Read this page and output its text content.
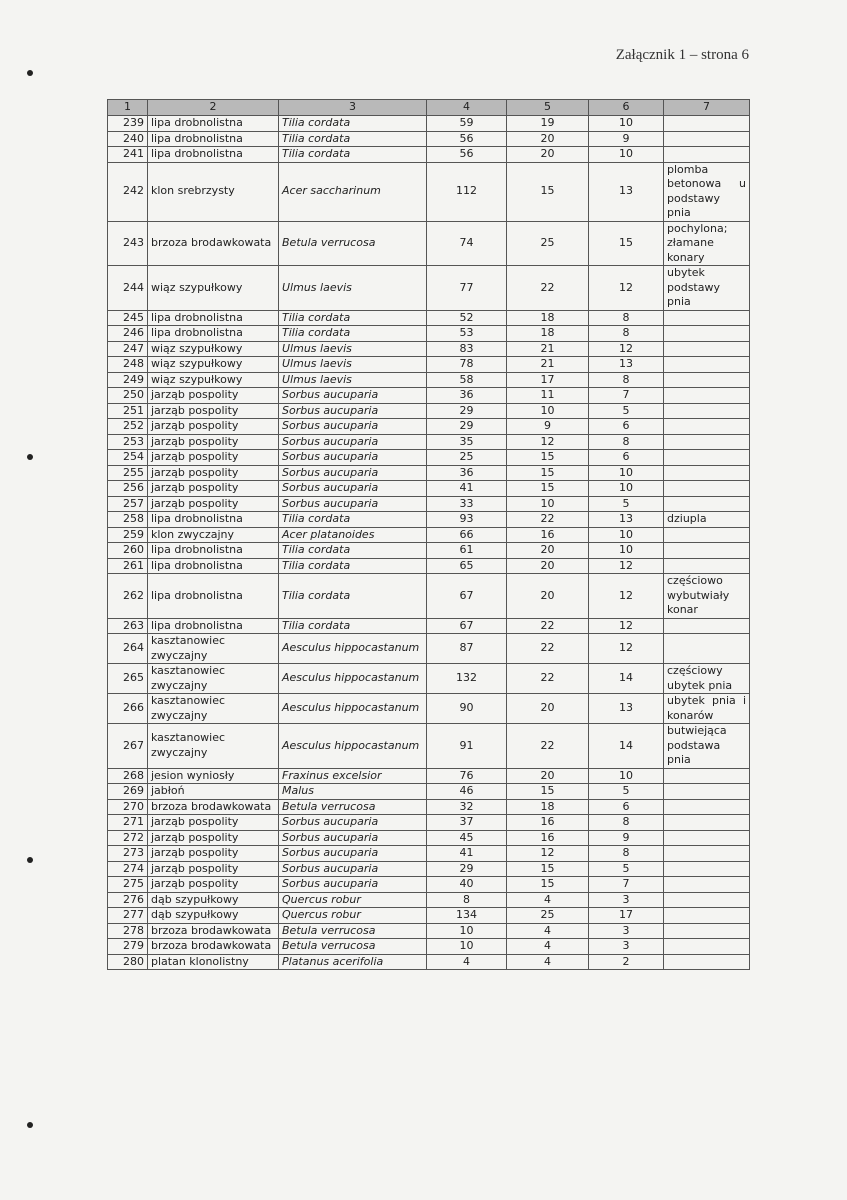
Załącznik 1 – strona 6
1	2	3	4	5	6	7
239	lipa drobnolistna	Tilia cordata	59	19	10	
240	lipa drobnolistna	Tilia cordata	56	20	9	
241	lipa drobnolistna	Tilia cordata	56	20	10	
242	klon srebrzysty	Acer saccharinum	112	15	13	plomba betonowa u podstawy pnia
243	brzoza brodawkowata	Betula verrucosa	74	25	15	pochylona; złamane konary
244	wiąz szypułkowy	Ulmus laevis	77	22	12	ubytek podstawy pnia
245	lipa drobnolistna	Tilia cordata	52	18	8	
246	lipa drobnolistna	Tilia cordata	53	18	8	
247	wiąz szypułkowy	Ulmus laevis	83	21	12	
248	wiąz szypułkowy	Ulmus laevis	78	21	13	
249	wiąz szypułkowy	Ulmus laevis	58	17	8	
250	jarząb pospolity	Sorbus aucuparia	36	11	7	
251	jarząb pospolity	Sorbus aucuparia	29	10	5	
252	jarząb pospolity	Sorbus aucuparia	29	9	6	
253	jarząb pospolity	Sorbus aucuparia	35	12	8	
254	jarząb pospolity	Sorbus aucuparia	25	15	6	
255	jarząb pospolity	Sorbus aucuparia	36	15	10	
256	jarząb pospolity	Sorbus aucuparia	41	15	10	
257	jarząb pospolity	Sorbus aucuparia	33	10	5	
258	lipa drobnolistna	Tilia cordata	93	22	13	dziupla
259	klon zwyczajny	Acer platanoides	66	16	10	
260	lipa drobnolistna	Tilia cordata	61	20	10	
261	lipa drobnolistna	Tilia cordata	65	20	12	
262	lipa drobnolistna	Tilia cordata	67	20	12	częściowo wybutwiały konar
263	lipa drobnolistna	Tilia cordata	67	22	12	
264	kasztanowiec zwyczajny	Aesculus hippocastanum	87	22	12	
265	kasztanowiec zwyczajny	Aesculus hippocastanum	132	22	14	częściowy ubytek pnia
266	kasztanowiec zwyczajny	Aesculus hippocastanum	90	20	13	ubytek pnia i konarów
267	kasztanowiec zwyczajny	Aesculus hippocastanum	91	22	14	butwiejąca podstawa pnia
268	jesion wyniosły	Fraxinus excelsior	76	20	10	
269	jabłoń	Malus	46	15	5	
270	brzoza brodawkowata	Betula verrucosa	32	18	6	
271	jarząb pospolity	Sorbus aucuparia	37	16	8	
272	jarząb pospolity	Sorbus aucuparia	45	16	9	
273	jarząb pospolity	Sorbus aucuparia	41	12	8	
274	jarząb pospolity	Sorbus aucuparia	29	15	5	
275	jarząb pospolity	Sorbus aucuparia	40	15	7	
276	dąb szypułkowy	Quercus robur	8	4	3	
277	dąb szypułkowy	Quercus robur	134	25	17	
278	brzoza brodawkowata	Betula verrucosa	10	4	3	
279	brzoza brodawkowata	Betula verrucosa	10	4	3	
280	platan klonolistny	Platanus acerifolia	4	4	2	
